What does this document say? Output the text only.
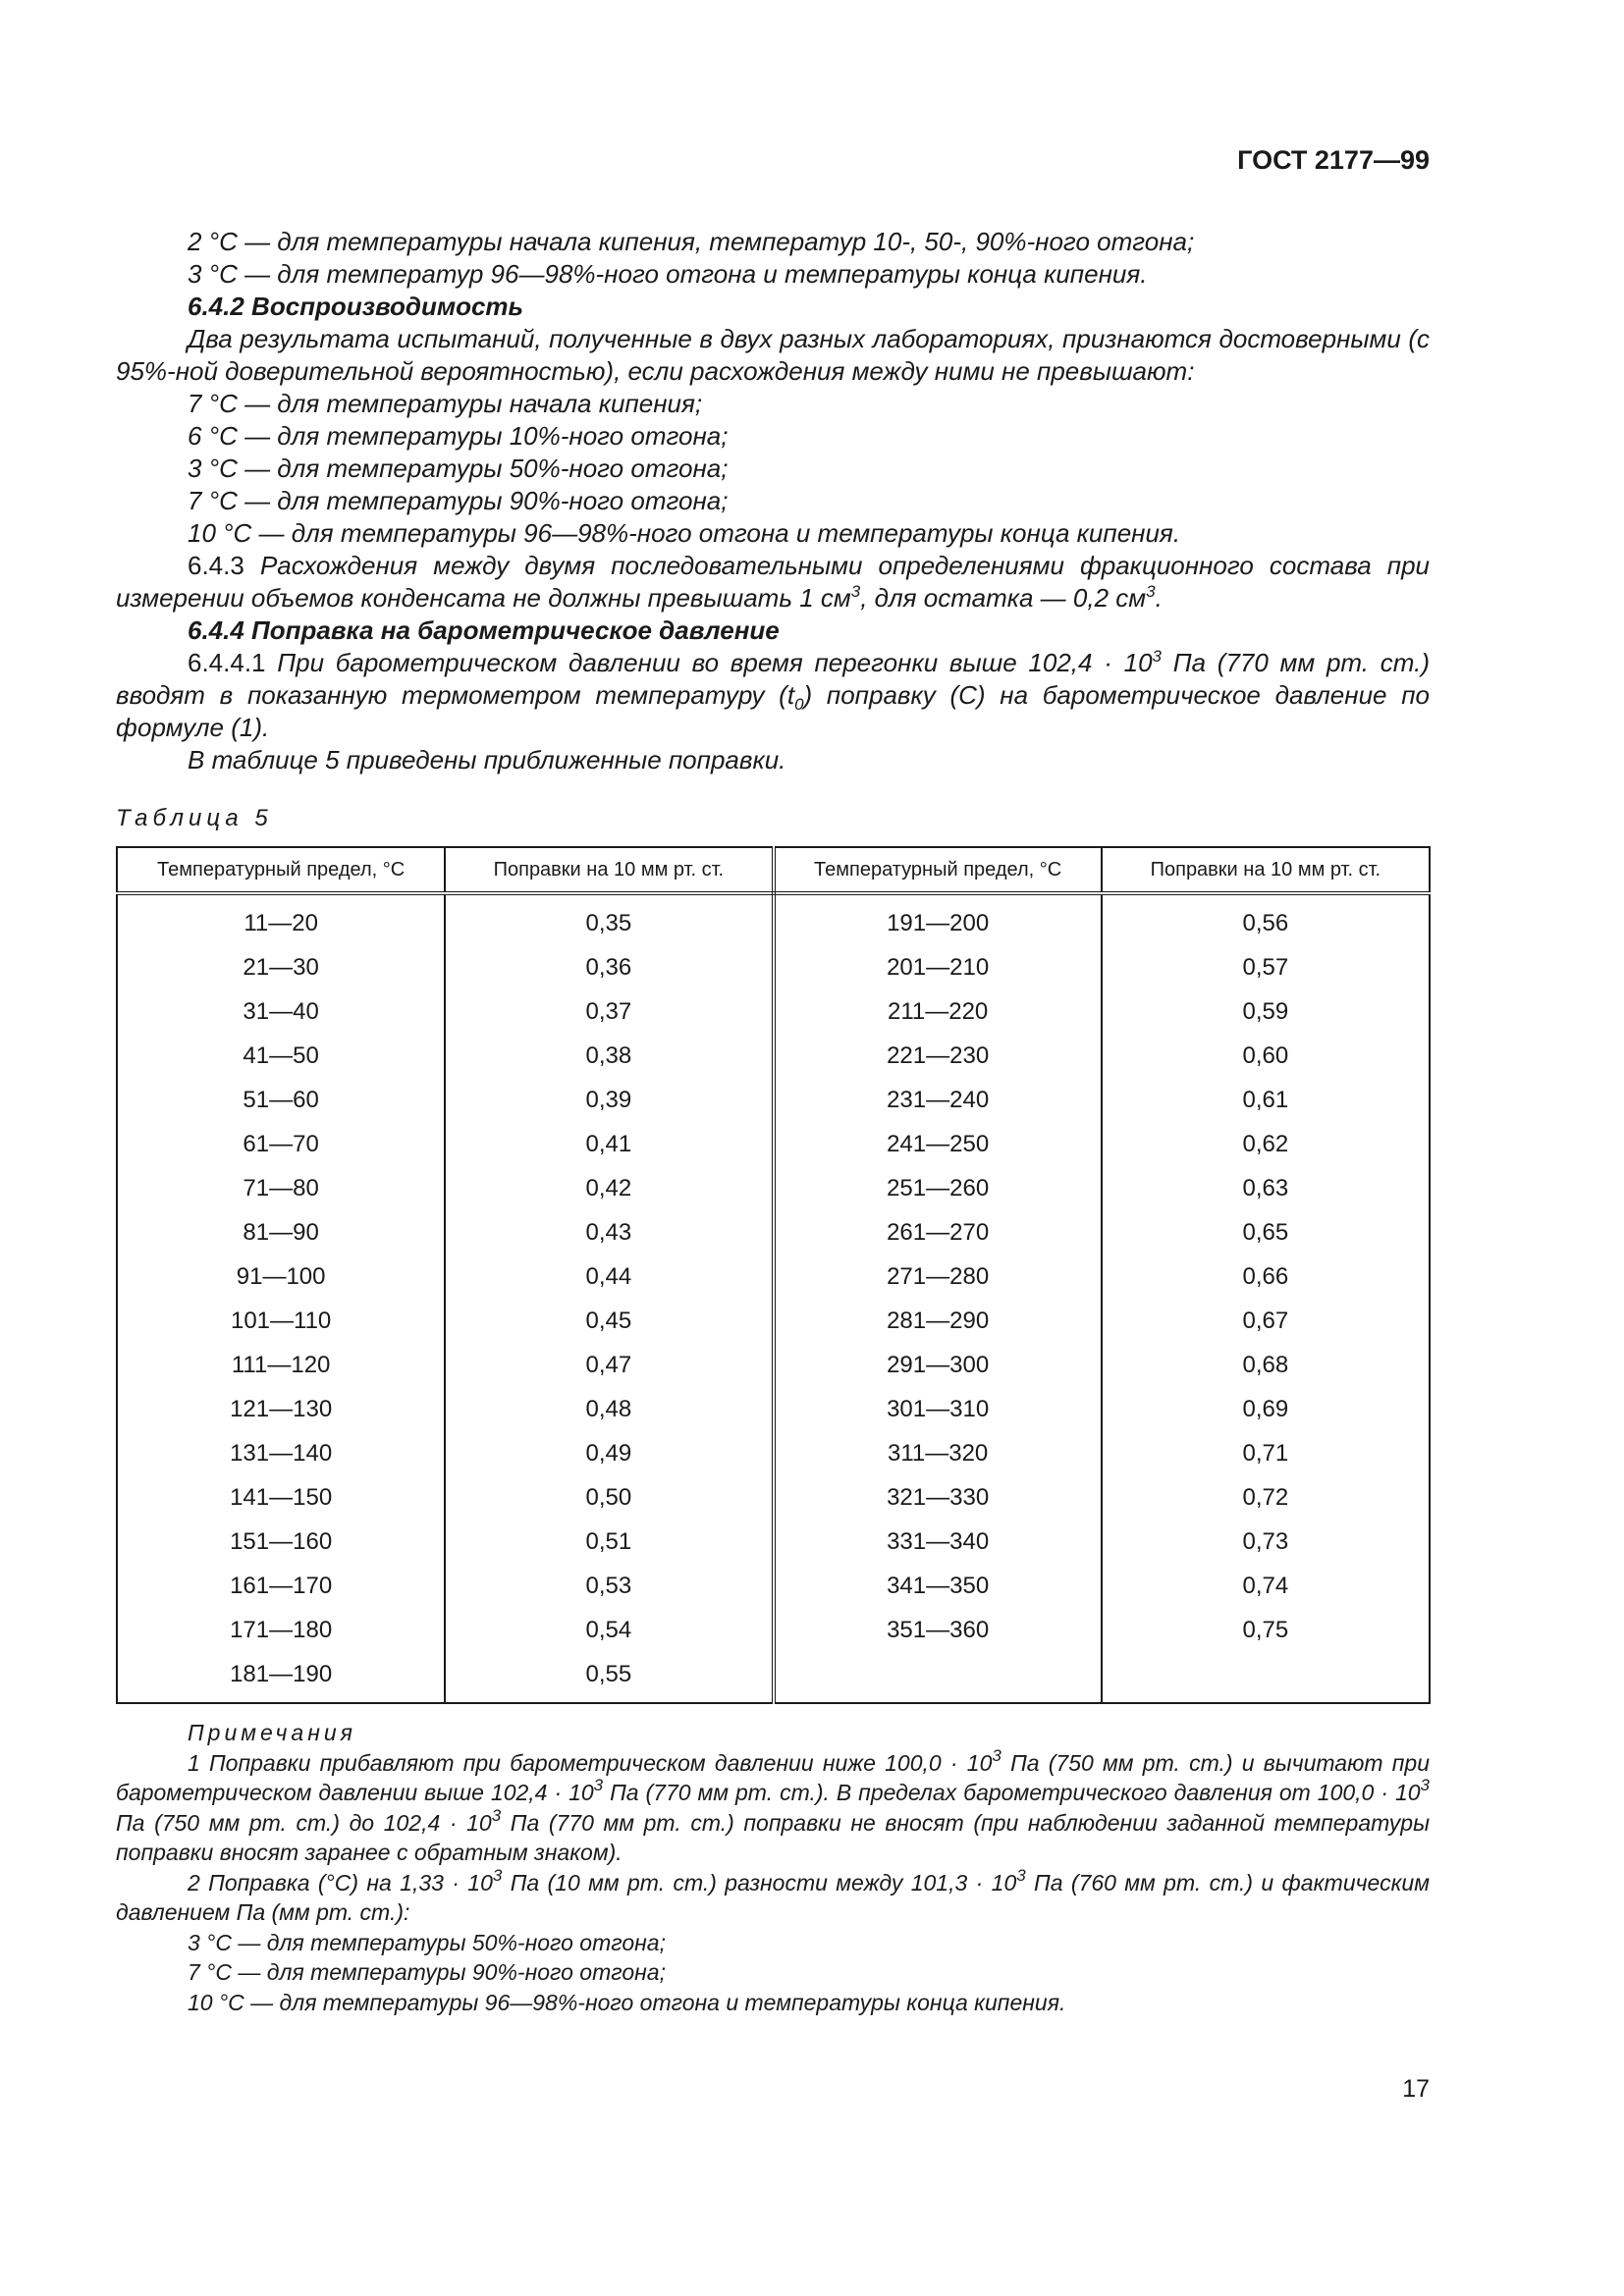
ГОСТ 2177—99

2 °С — для температуры начала кипения, температур 10-, 50-, 90%-ного отгона;

3 °С — для температур 96—98%-ного отгона и температуры конца кипения.

6.4.2 Воспроизводимость

Два результата испытаний, полученные в двух разных лабораториях, признаются достоверными (с 95%-ной доверительной вероятностью), если расхождения между ними не превышают:

7 °С — для температуры начала кипения;

6 °С — для температуры 10%-ного отгона;

3 °С — для температуры 50%-ного отгона;

7 °С — для температуры 90%-ного отгона;

10 °С — для температуры 96—98%-ного отгона и температуры конца кипения.

6.4.3 Расхождения между двумя последовательными определениями фракционного состава при измерении объемов конденсата не должны превышать 1 $см^3$, для остатка — 0,2 $см^3$.

6.4.4 Поправка на барометрическое давление

6.4.4.1 При барометрическом давлении во время перегонки выше $102,4 \cdot 10^3$ Па (770 мм рт. ст.) вводят в показанную термометром температуру $(t_0)$ поправку (С) на барометрическое давление по формуле (1).

В таблице 5 приведены приближенные поправки.

Таблица 5
Температурный предел, °С	Поправки на 10 мм рт. ст.	Температурный предел, °С	Поправки на 10 мм рт. ст.
11—20	0,35	191—200	0,56
21—30	0,36	201—210	0,57
31—40	0,37	211—220	0,59
41—50	0,38	221—230	0,60
51—60	0,39	231—240	0,61
61—70	0,41	241—250	0,62
71—80	0,42	251—260	0,63
81—90	0,43	261—270	0,65
91—100	0,44	271—280	0,66
101—110	0,45	281—290	0,67
111—120	0,47	291—300	0,68
121—130	0,48	301—310	0,69
131—140	0,49	311—320	0,71
141—150	0,50	321—330	0,72
151—160	0,51	331—340	0,73
161—170	0,53	341—350	0,74
171—180	0,54	351—360	0,75
181—190	0,55		

Примечания

1 Поправки прибавляют при барометрическом давлении ниже $100,0 \cdot 10^3$ Па (750 мм рт. ст.) и вычитают при барометрическом давлении выше $102,4 \cdot 10^3$ Па (770 мм рт. ст.). В пределах барометрического давления от $100,0 \cdot 10^3$ Па (750 мм рт. ст.) до $102,4 \cdot 10^3$ Па (770 мм рт. ст.) поправки не вносят (при наблюдении заданной температуры поправки вносят заранее с обратным знаком).

2 Поправка (°С) на $1,33 \cdot 10^3$ Па (10 мм рт. ст.) разности между $101,3 \cdot 10^3$ Па (760 мм рт. ст.) и фактическим давлением Па (мм рт. ст.):

3 °С — для температуры 50%-ного отгона;

7 °С — для температуры 90%-ного отгона;

10 °С — для температуры 96—98%-ного отгона и температуры конца кипения.

17
